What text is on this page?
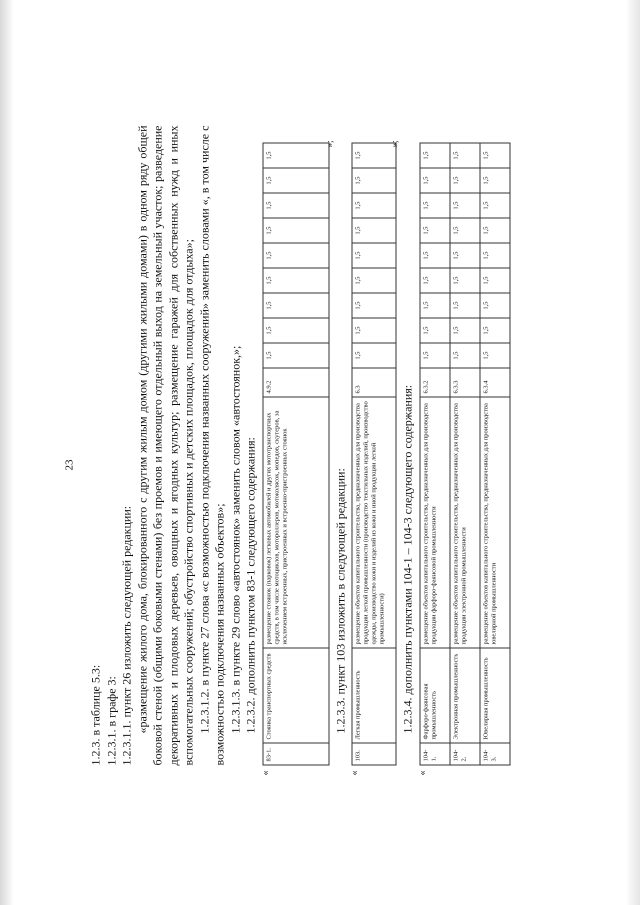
23

1.2.3. в таблице 5.3: 1.2.3.1. в графе 3: 1.2.3.1.1. пункт 26 изложить следующей редакции: «размещение жилого дома, блокированного с другим жилым домом (другими жилыми домами) в одном ряду общей боковой стеной (общими боковыми стенами) без проемов и имеющего отдельный выход на земельный участок; разведение декоративных и плодовых деревьев, овощных и ягодных культур; размещение гаражей для собственных нужд и иных вспомогательных сооружений; обустройство спортивных и детских площадок, площадок для отдыха»; 1.2.3.1.2. в пункте 27 слова «с возможностью подключения названных сооружений» заменить словами «, в том числе с возможностью подключения названных объектов»; 1.2.3.1.3. в пункте 29 слово «автостоянок» заменить словом «автостоянок,»; 1.2.3.2. дополнить пунктом 83-1 следующего содержания:

«
83-1.	Стоянка транспортных средств	размещение стоянок (парковок) легковых автомобилей и других мототранспортных средств, в том числе мотоциклов, мотороллеров, мотоколясок, мопедов, скутеров, за исключением встроенных, пристроенных и встроенно-пристроенных стоянок	4.9.2	1,5	1,5	1,5	1,5	1,5	1,5	1,5	1,5	1,5
»;

1.2.3.3. пункт 103 изложить в следующей редакции:

«
103.	Легкая промышленность	размещение объектов капитального строительства, предназначенных для производства продукции легкой промышленности (производство текстильных изделий, производство одежды, производство кожи и изделий из кожи и иной продукции легкой промышленности)	6.3	1,5	1,5	1,5	1,5	1,5	1,5	1,5	1,5	1,5
»;

1.2.3.4. дополнить пунктами 104-1 – 104-3 следующего содержания:

«
104-1.	Фарфоро-фаянсовая промышленность	размещение объектов капитального строительства, предназначенных для производства продукции фарфоро-фаянсовой промышленности	6.3.2	1,5	1,5	1,5	1,5	1,5	1,5	1,5	1,5	1,5
104-2.	Электронная промышленность	размещение объектов капитального строительства, предназначенных для производства продукции электронной промышленности	6.3.3	1,5	1,5	1,5	1,5	1,5	1,5	1,5	1,5	1,5
104-3.	Ювелирная промышленность	размещение объектов капитального строительства, предназначенных для производства ювелирной промышленности	6.3.4	1,5	1,5	1,5	1,5	1,5	1,5	1,5	1,5	1,5
